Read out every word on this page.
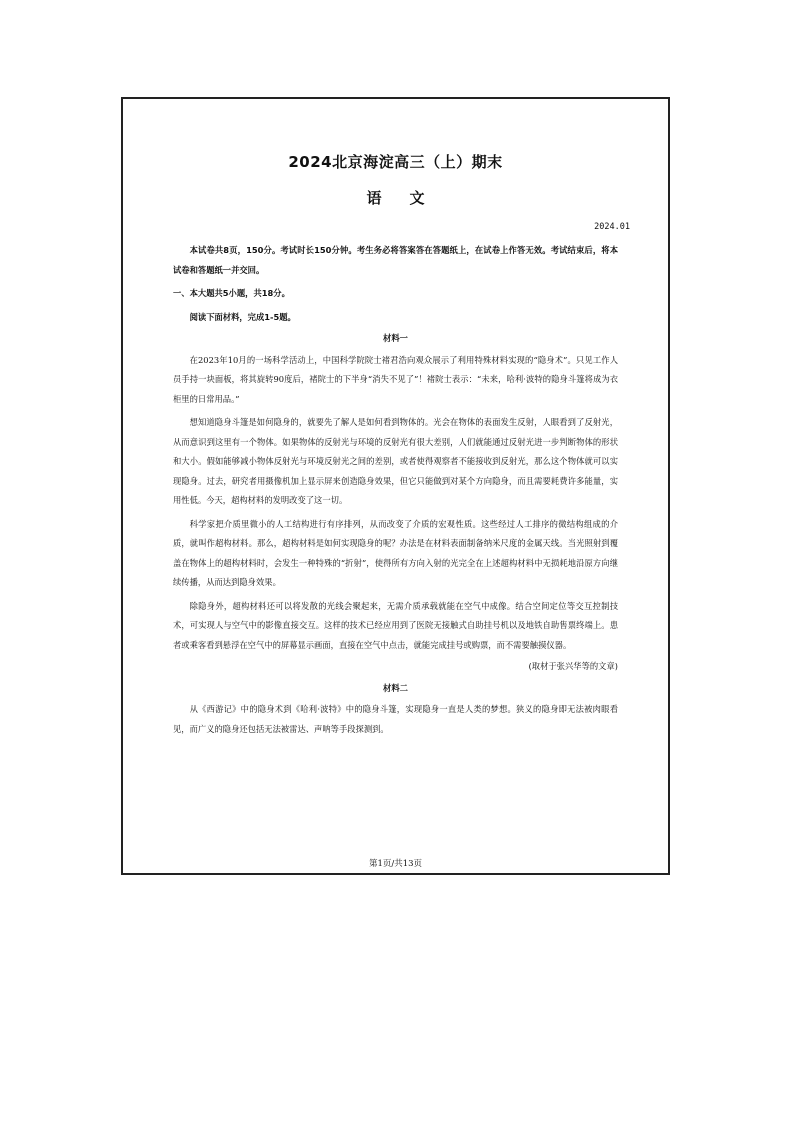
2024北京海淀高三（上）期末
语文
2024.01

本试卷共8页，150分。考试时长150分钟。考生务必将答案答在答题纸上，在试卷上作答无效。考试结束后，将本试卷和答题纸一并交回。

一、本大题共5小题，共18分。

阅读下面材料，完成1-5题。

材料一

在2023年10月的一场科学活动上，中国科学院院士褚君浩向观众展示了利用特殊材料实现的“隐身术”。只见工作人员手持一块面板，将其旋转90度后，褚院士的下半身“消失不见了”！褚院士表示：“未来，哈利·波特的隐身斗篷将成为衣柜里的日常用品。”

想知道隐身斗篷是如何隐身的，就要先了解人是如何看到物体的。光会在物体的表面发生反射，人眼看到了反射光，从而意识到这里有一个物体。如果物体的反射光与环境的反射光有很大差别，人们就能通过反射光进一步判断物体的形状和大小。假如能够减小物体反射光与环境反射光之间的差别，或者使得观察者不能接收到反射光，那么这个物体就可以实现隐身。过去，研究者用摄像机加上显示屏来创造隐身效果，但它只能做到对某个方向隐身，而且需要耗费许多能量，实用性低。今天，超构材料的发明改变了这一切。

科学家把介质里微小的人工结构进行有序排列，从而改变了介质的宏观性质。这些经过人工排序的微结构组成的介质，就叫作超构材料。那么，超构材料是如何实现隐身的呢？办法是在材料表面制备纳米尺度的金属天线。当光照射到覆盖在物体上的超构材料时，会发生一种特殊的“折射”，使得所有方向入射的光完全在上述超构材料中无损耗地沿原方向继续传播，从而达到隐身效果。

除隐身外，超构材料还可以将发散的光线会聚起来，无需介质承载就能在空气中成像。结合空间定位等交互控制技术，可实现人与空气中的影像直接交互。这样的技术已经应用到了医院无接触式自助挂号机以及地铁自助售票终端上。患者或乘客看到悬浮在空气中的屏幕显示画面，直接在空气中点击，就能完成挂号或购票，而不需要触摸仪器。

(取材于张兴华等的文章)

材料二

从《西游记》中的隐身术到《哈利·波特》中的隐身斗篷，实现隐身一直是人类的梦想。狭义的隐身即无法被肉眼看见，而广义的隐身还包括无法被雷达、声呐等手段探测到。

第1页/共13页
